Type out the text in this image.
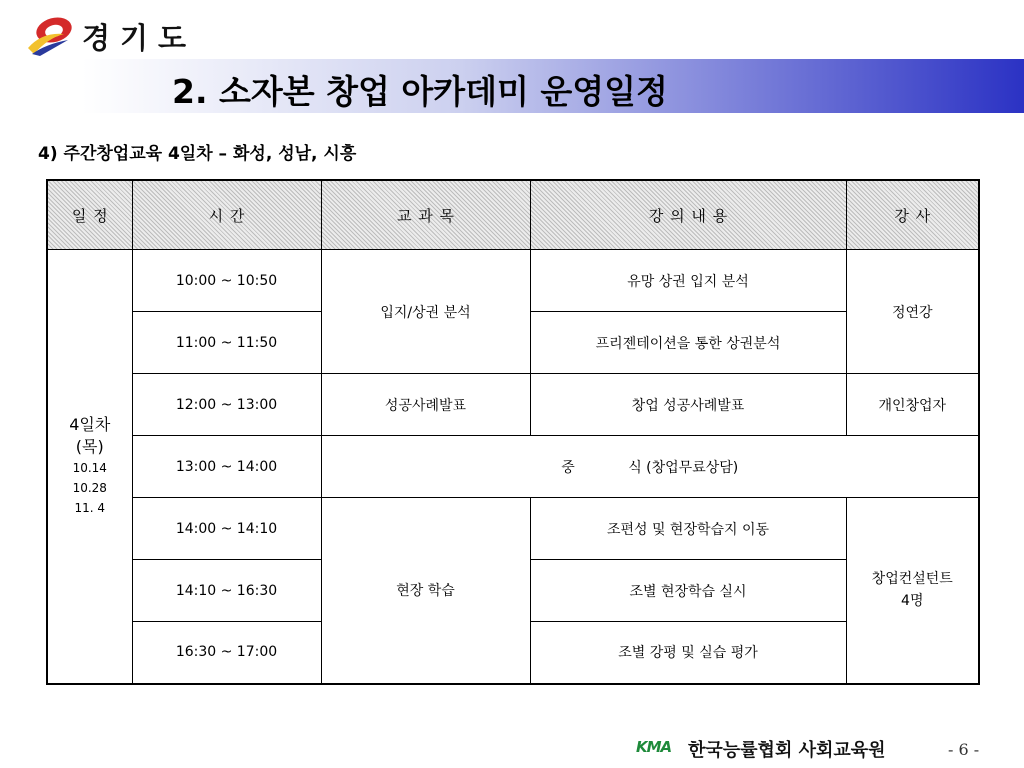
경기도
2. 소자본 창업 아카데미 운영일정
4) 주간창업교육 4일차 – 화성, 성남, 시흥
일 정	시 간	교 과 목	강 의 내 용	강 사

4일차
(목)
10.14
10.28
11. 4	10:00 ~ 10:50	입지/상권 분석	유망 상권 입지 분석	정연강
	11:00 ~ 11:50		프리젠테이션을 통한 상권분석	
	12:00 ~ 13:00	성공사례발표	창업 성공사례발표	개인창업자
	13:00 ~ 14:00	중            식 (창업무료상담)		
	14:00 ~ 14:10	현장 학습	조편성 및 현장학습지 이동	창업컨설턴트
4명
	14:10 ~ 16:30		조별 현장학습 실시	
	16:30 ~ 17:00		조별 강평 및 실습 평가	
KMA 한국능률협회 사회교육원	- 6 -
